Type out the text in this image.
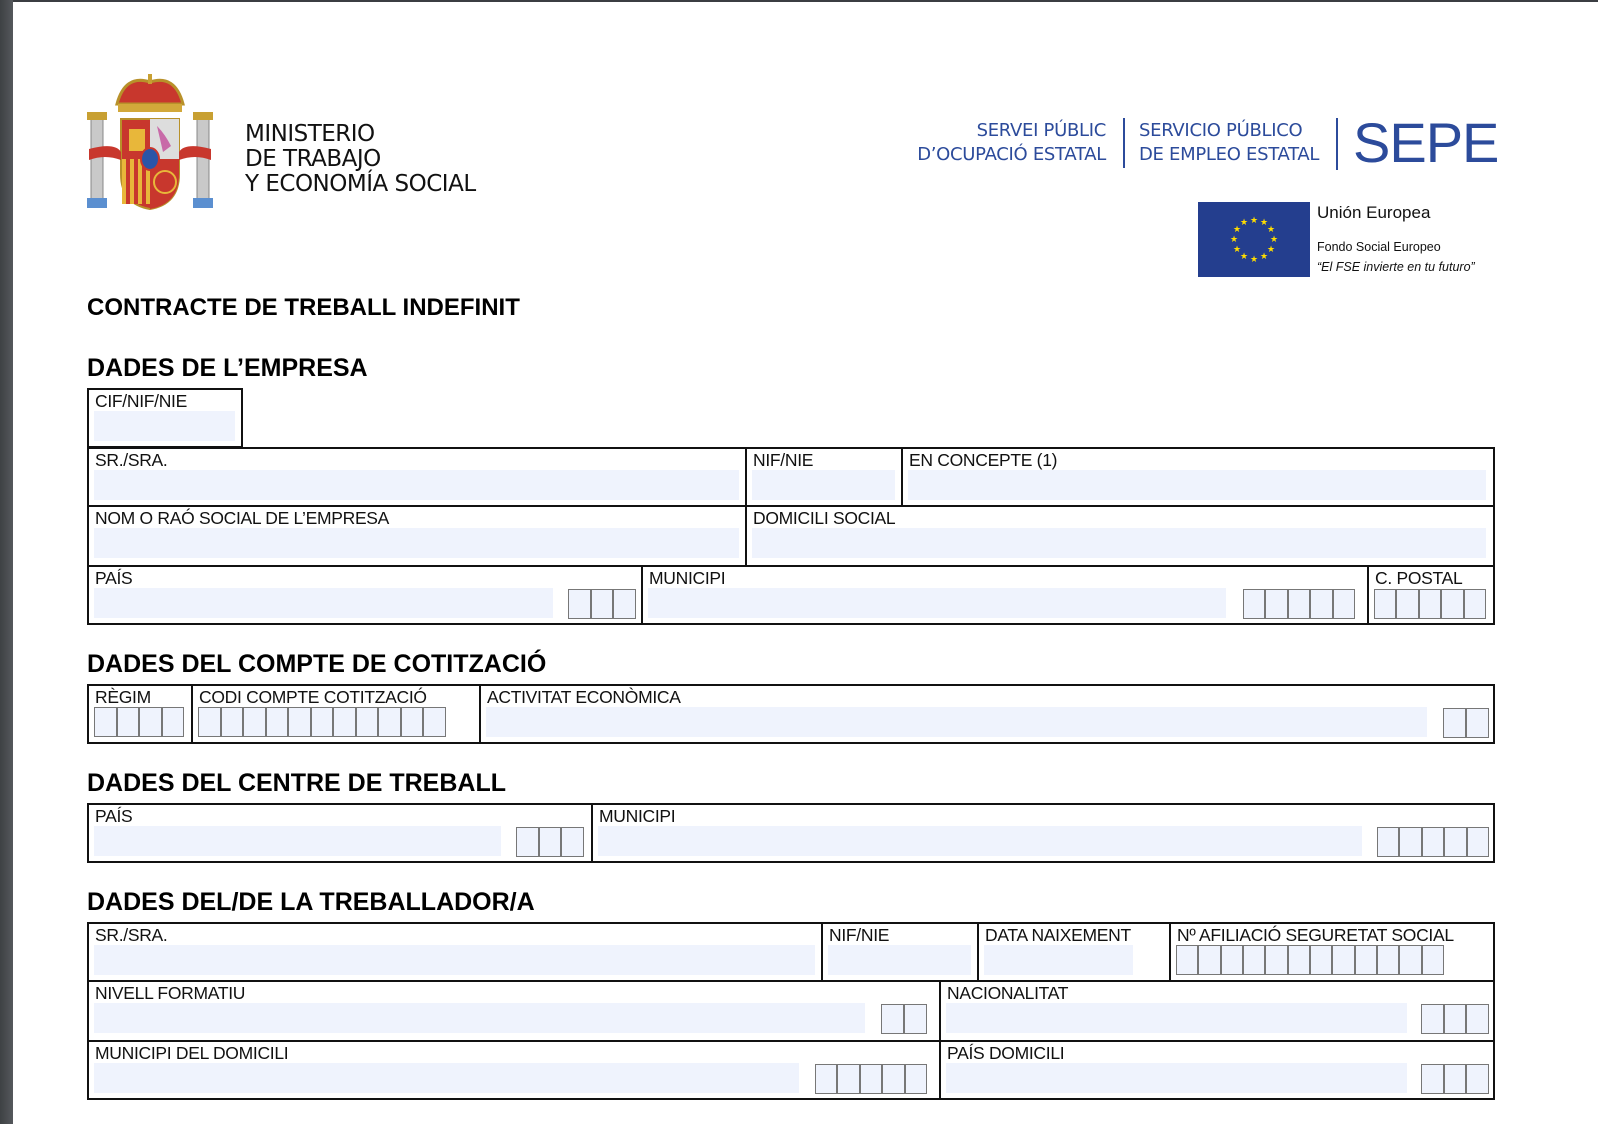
MINISTERIO
DE TRABAJO
Y ECONOMÍA SOCIAL
SERVEI PÚBLIC
D’OCUPACIÓ ESTATAL
SERVICIO PÚBLICO
DE EMPLEO ESTATAL SEPE
★ ★
★
★
★
★
★
★
★
★
★
★
Unión Europea
Fondo Social Europeo
“El FSE invierte en tu futuro”
CONTRACTE DE TREBALL INDEFINIT
DADES DE L’EMPRESA
CIF/NIF/NIE
SR./SRA.	NIF/NIE	EN CONCEPTE (1)
NOM O RAÓ SOCIAL DE L’EMPRESA	DOMICILI SOCIAL
PAÍS	MUNICIPI	C. POSTAL
DADES DEL COMPTE DE COTITZACIÓ
RÈGIM	CODI COMPTE COTITZACIÓ	ACTIVITAT ECONÒMICA
DADES DEL CENTRE DE TREBALL
PAÍS	MUNICIPI
DADES DEL/DE LA TREBALLADOR/A
SR./SRA.	NIF/NIE	DATA NAIXEMENT	Nº AFILIACIÓ SEGURETAT SOCIAL
NIVELL FORMATIU	NACIONALITAT
MUNICIPI DEL DOMICILI	PAÍS DOMICILI
